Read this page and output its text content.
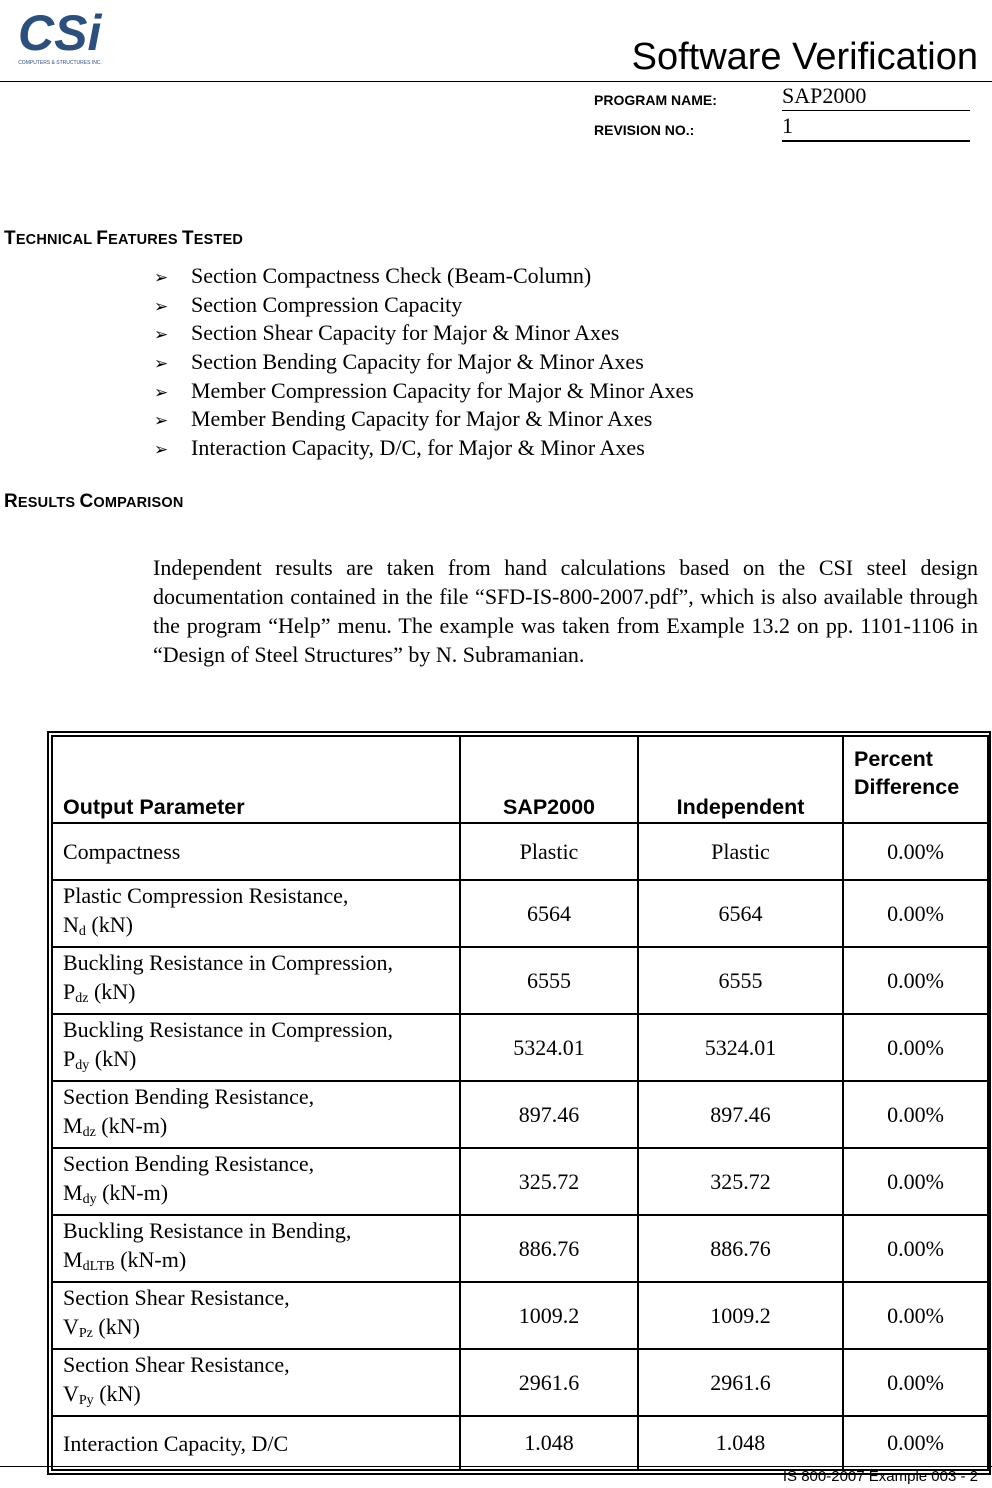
CSi
COMPUTERS & STRUCTURES INC.	Software Verification
PROGRAM NAME:	SAP2000
REVISION NO.:	1
TECHNICAL FEATURES TESTED
➢ Section Compactness Check (Beam-Column)
➢ Section Compression Capacity
➢ Section Shear Capacity for Major & Minor Axes
➢ Section Bending Capacity for Major & Minor Axes
➢ Member Compression Capacity for Major & Minor Axes
➢ Member Bending Capacity for Major & Minor Axes
➢ Interaction Capacity, D/C, for Major & Minor Axes
RESULTS COMPARISON
Independent results are taken from hand calculations based on the CSI steel design documentation contained in the file “SFD-IS-800-2007.pdf”, which is also available through the program “Help” menu. The example was taken from Example 13.2 on pp. 1101-1106 in “Design of Steel Structures” by N. Subramanian.
Output Parameter	SAP2000	Independent	Percent
Difference
Compactness	Plastic	Plastic	0.00%
Plastic Compression Resistance,
$N_d$ (kN)	6564	6564	0.00%
Buckling Resistance in Compression,
$P_{dz}$ (kN)	6555	6555	0.00%
Buckling Resistance in Compression,
$P_{dy}$ (kN)	5324.01	5324.01	0.00%
Section Bending Resistance,
$M_{dz}$ (kN-m)	897.46	897.46	0.00%
Section Bending Resistance,
$M_{dy}$ (kN-m)	325.72	325.72	0.00%
Buckling Resistance in Bending,
$M_{dLTB}$ (kN-m)	886.76	886.76	0.00%
Section Shear Resistance,
$V_{Pz}$ (kN)	1009.2	1009.2	0.00%
Section Shear Resistance,
$V_{Py}$ (kN)	2961.6	2961.6	0.00%
Interaction Capacity, D/C	1.048	1.048	0.00%
IS 800-2007 Example 003 - 2
